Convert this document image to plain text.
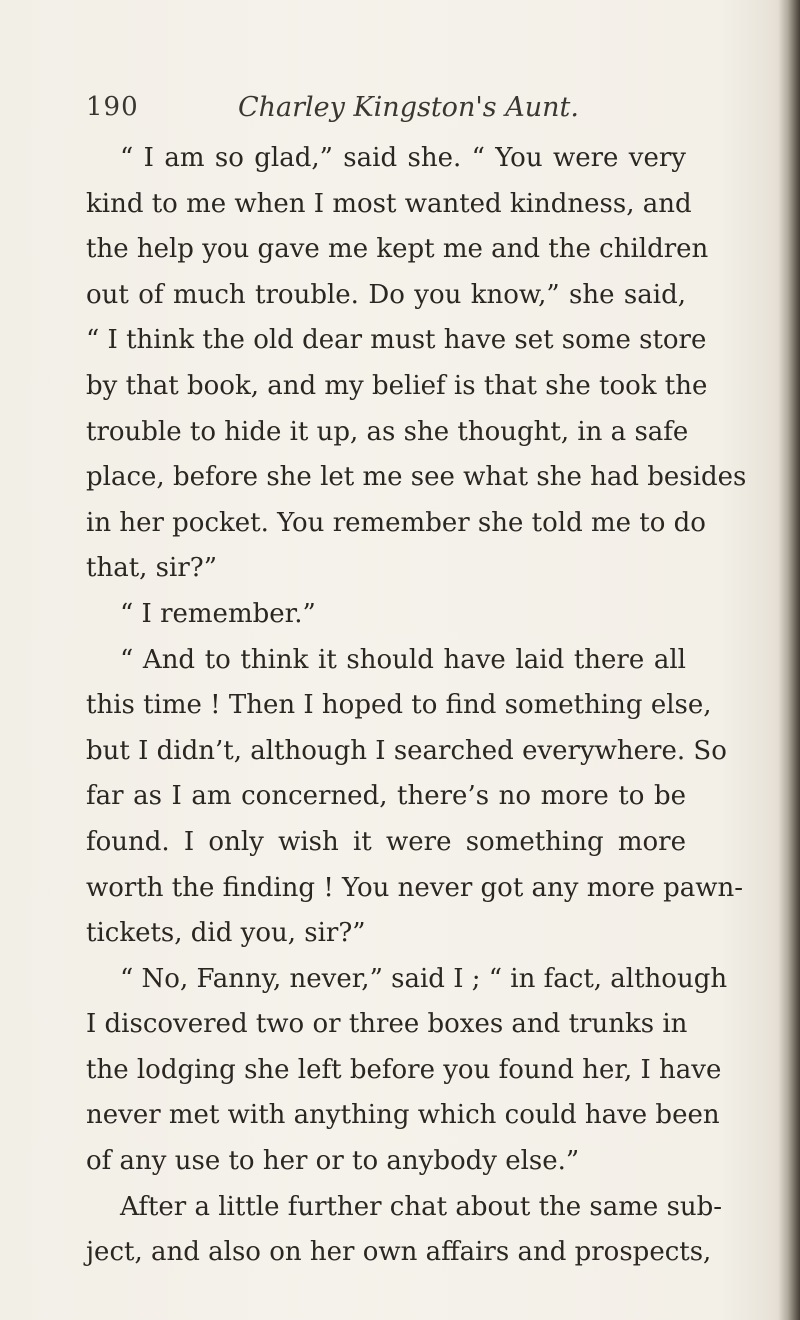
190	Charley Kingston's Aunt.
“ I am so glad,” said she. “ You were very
kind to me when I most wanted kindness, and
the help you gave me kept me and the children
out of much trouble. Do you know,” she said,
“ I think the old dear must have set some store
by that book, and my belief is that she took the
trouble to hide it up, as she thought, in a safe
place, before she let me see what she had besides
in her pocket. You remember she told me to do
that, sir?”
“ I remember.”
“ And to think it should have laid there all
this time ! Then I hoped to find something else,
but I didn’t, although I searched everywhere. So
far as I am concerned, there’s no more to be
found. I only wish it were something more
worth the finding ! You never got any more pawn-
tickets, did you, sir?”
“ No, Fanny, never,” said I ; “ in fact, although
I discovered two or three boxes and trunks in
the lodging she left before you found her, I have
never met with anything which could have been
of any use to her or to anybody else.”
After a little further chat about the same sub-
ject, and also on her own affairs and prospects,
